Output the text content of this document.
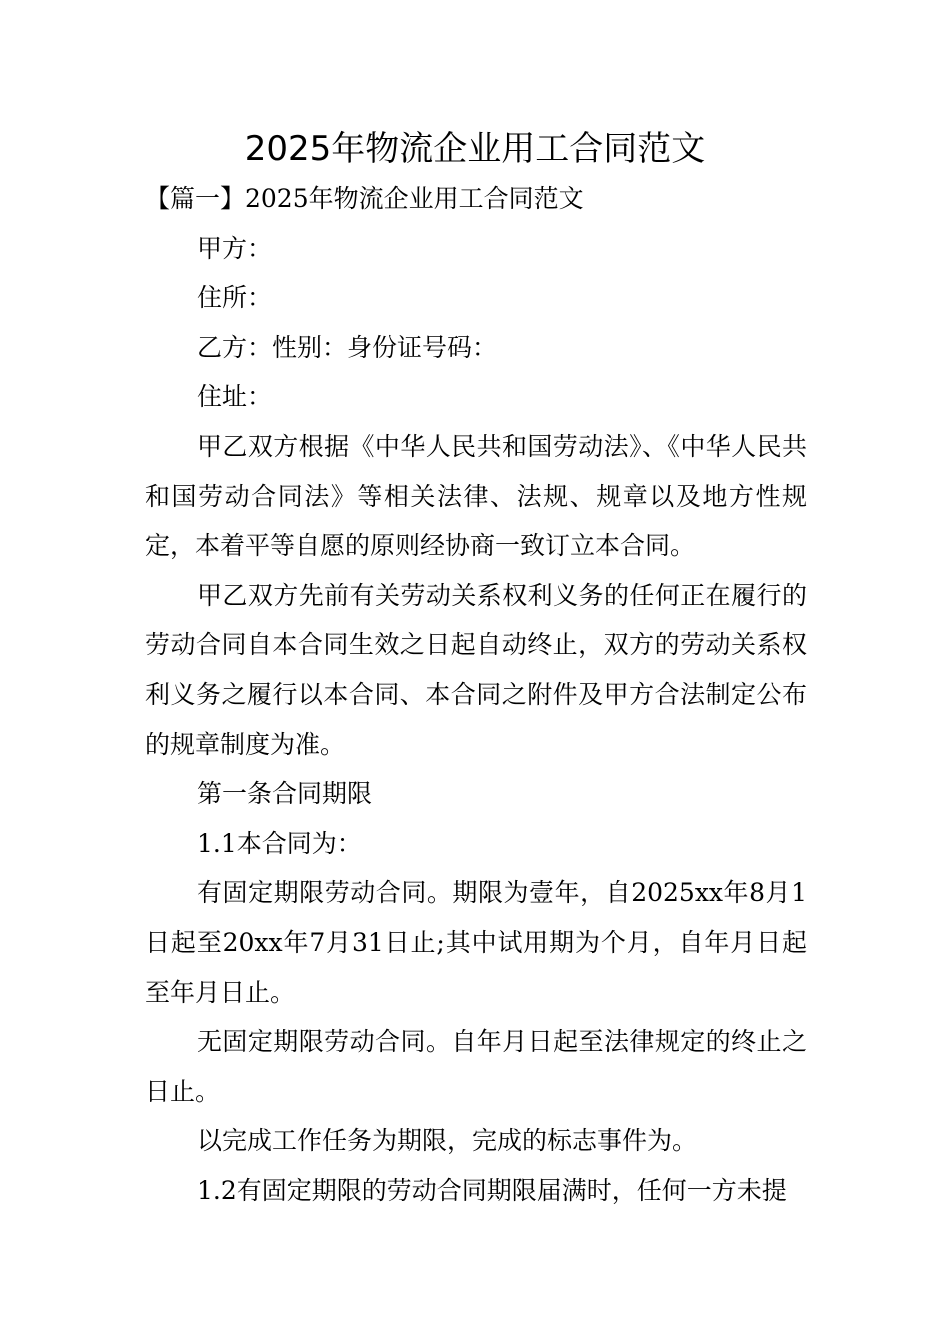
2025年物流企业用工合同范文

【篇一】2025年物流企业用工合同范文

甲方：

住所：

乙方：性别：身份证号码：

住址：

甲乙双方根据《中华人民共和国劳动法》、《中华人民共和国劳动合同法》等相关法律、法规、规章以及地方性规定，本着平等自愿的原则经协商一致订立本合同。

甲乙双方先前有关劳动关系权利义务的任何正在履行的劳动合同自本合同生效之日起自动终止，双方的劳动关系权利义务之履行以本合同、本合同之附件及甲方合法制定公布的规章制度为准。

第一条合同期限

1.1本合同为：

有固定期限劳动合同。期限为壹年，自2025xx年8月1日起至20xx年7月31日止;其中试用期为个月，自年月日起至年月日止。

无固定期限劳动合同。自年月日起至法律规定的终止之日止。

以完成工作任务为期限，完成的标志事件为。

1.2有固定期限的劳动合同期限届满时，任何一方未提
